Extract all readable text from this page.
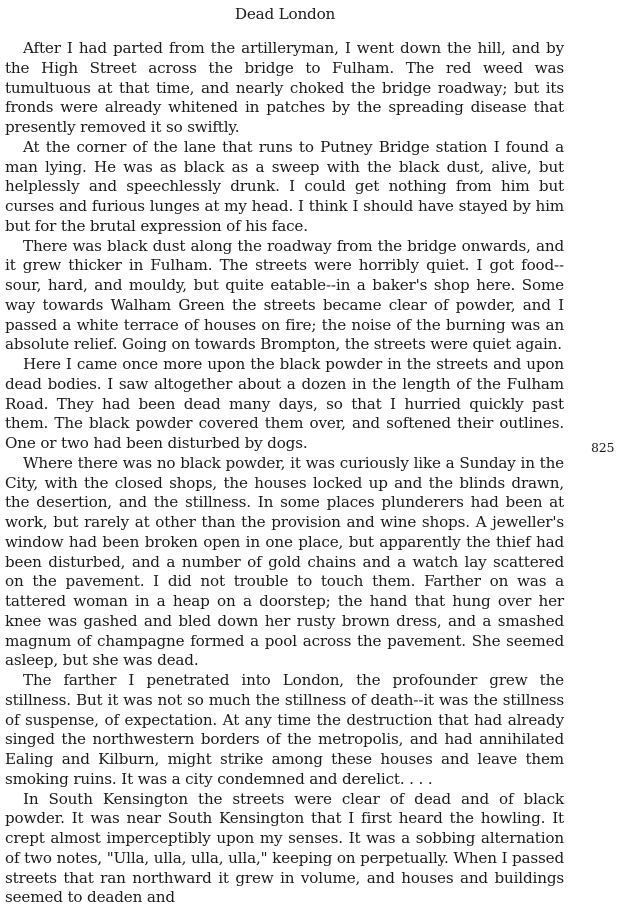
Dead London

After I had parted from the artilleryman, I went down the hill, and by the High Street across the bridge to Fulham. The red weed was tumultuous at that time, and nearly choked the bridge roadway; but its fronds were already whitened in patches by the spreading disease that presently removed it so swiftly.

At the corner of the lane that runs to Putney Bridge station I found a man lying. He was as black as a sweep with the black dust, alive, but helplessly and speechlessly drunk. I could get nothing from him but curses and furious lunges at my head. I think I should have stayed by him but for the brutal expression of his face.

There was black dust along the roadway from the bridge onwards, and it grew thicker in Fulham. The streets were horribly quiet. I got food--sour, hard, and mouldy, but quite eatable--in a baker's shop here. Some way towards Walham Green the streets became clear of powder, and I passed a white terrace of houses on fire; the noise of the burning was an absolute relief. Going on towards Brompton, the streets were quiet again.

Here I came once more upon the black powder in the streets and upon dead bodies. I saw altogether about a dozen in the length of the Fulham Road. They had been dead many days, so that I hurried quickly past them. The black powder covered them over, and softened their outlines. One or two had been disturbed by dogs.

Where there was no black powder, it was curiously like a Sunday in the City, with the closed shops, the houses locked up and the blinds drawn, the desertion, and the stillness. In some places plunderers had been at work, but rarely at other than the provision and wine shops. A jeweller's window had been broken open in one place, but apparently the thief had been disturbed, and a number of gold chains and a watch lay scattered on the pavement. I did not trouble to touch them. Farther on was a tattered woman in a heap on a doorstep; the hand that hung over her knee was gashed and bled down her rusty brown dress, and a smashed magnum of champagne formed a pool across the pavement. She seemed asleep, but she was dead.

The farther I penetrated into London, the profounder grew the stillness. But it was not so much the stillness of death--it was the stillness of suspense, of expectation. At any time the destruction that had already singed the northwestern borders of the metropolis, and had annihilated Ealing and Kilburn, might strike among these houses and leave them smoking ruins. It was a city condemned and derelict. . . .

In South Kensington the streets were clear of dead and of black powder. It was near South Kensington that I first heard the howling. It crept almost imperceptibly upon my senses. It was a sobbing alternation of two notes, "Ulla, ulla, ulla, ulla," keeping on perpetually. When I passed streets that ran northward it grew in volume, and houses and buildings seemed to deaden and

825
